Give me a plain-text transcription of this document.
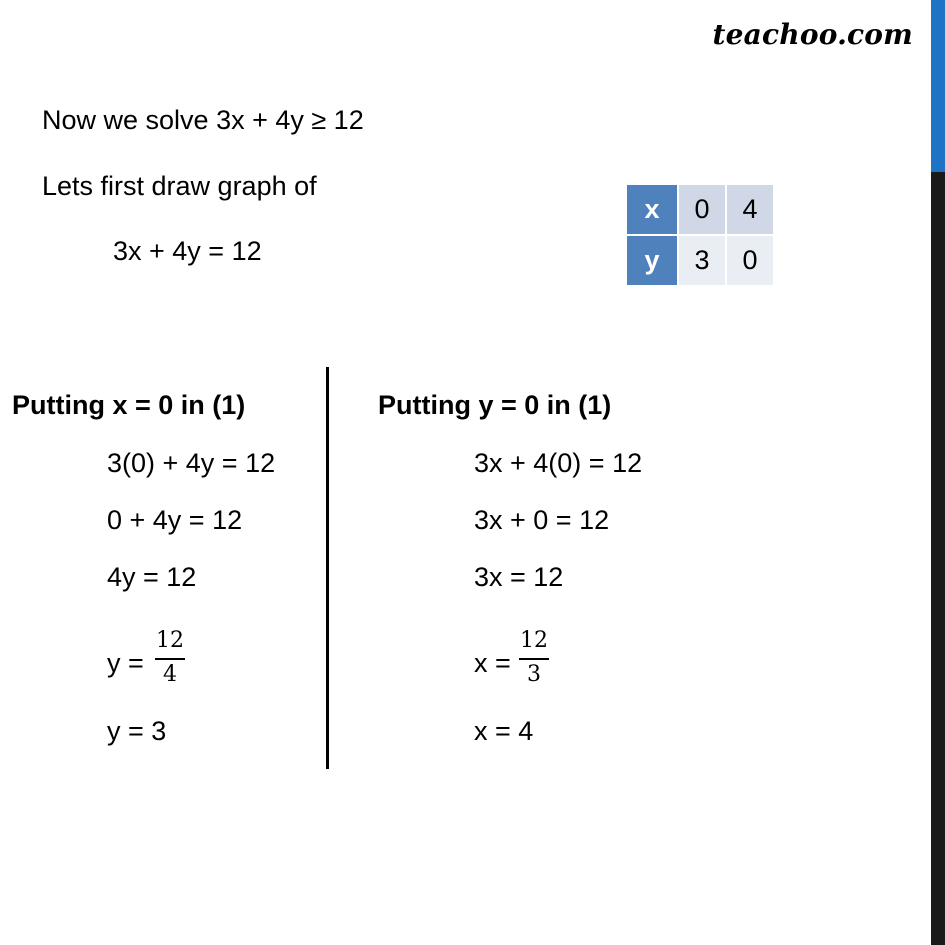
teachoo.com
Now we solve 3x + 4y ≥ 12
Lets first draw graph of
3x + 4y = 12
x	0	4
y	3	0
Putting x = 0 in (1)
3(0) + 4y = 12
0 + 4y = 12
4y = 12
y =
12
4
y = 3
Putting y = 0 in (1)
3x + 4(0) = 12
3x + 0 = 12
3x = 12
x =
12
3
x = 4
